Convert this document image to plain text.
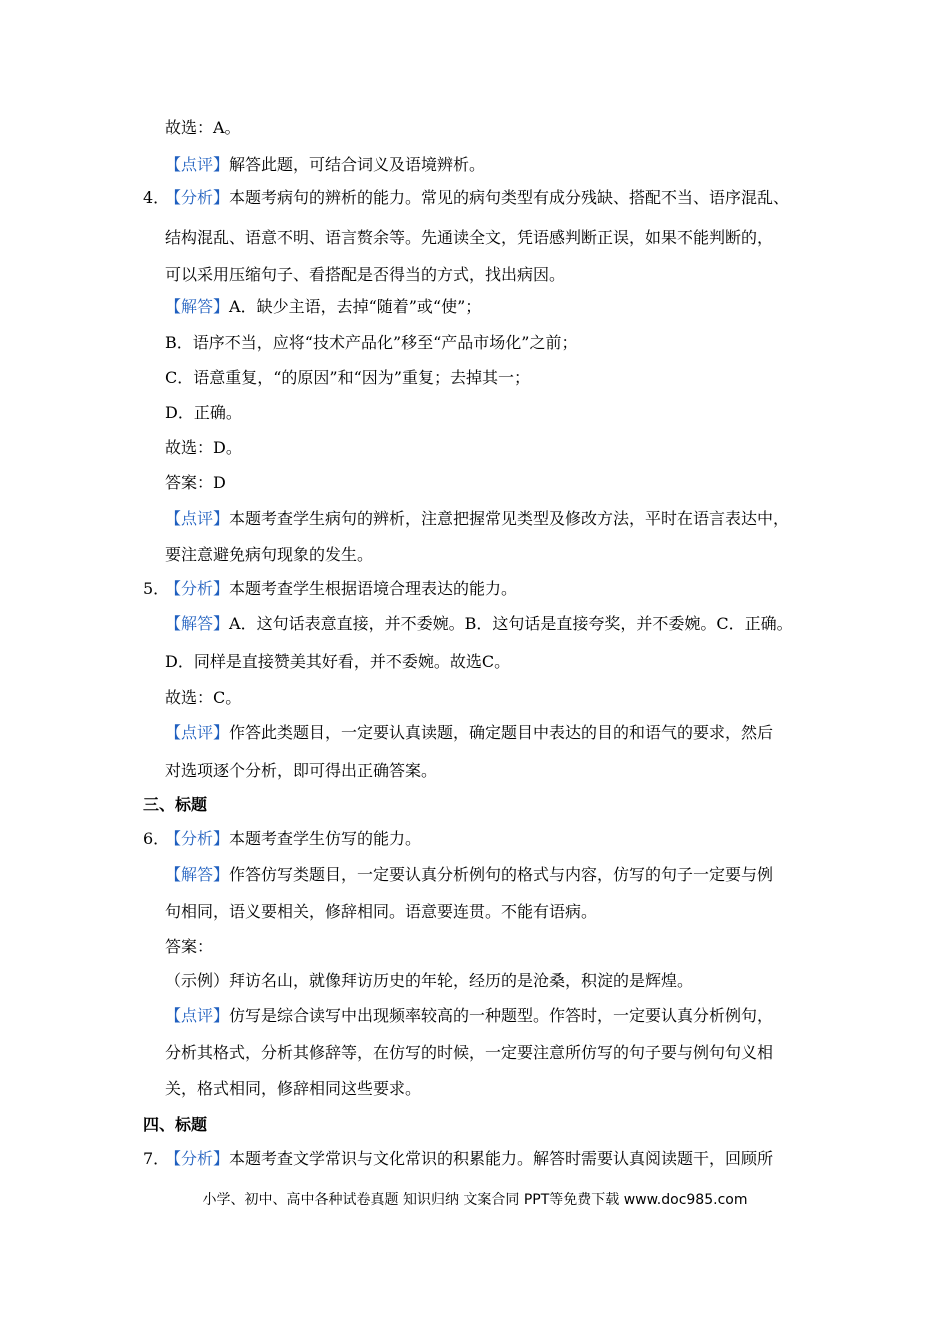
故选：A。
【点评】解答此题，可结合词义及语境辨析。
4．
【分析】本题考病句的辨析的能力。常见的病句类型有成分残缺、搭配不当、语序混乱、
结构混乱、语意不明、语言赘余等。先通读全文，凭语感判断正误，如果不能判断的，
可以采用压缩句子、看搭配是否得当的方式，找出病因。
【解答】A．缺少主语，去掉“随着”或“使”；
B．语序不当，应将“技术产品化”移至“产品市场化”之前；
C．语意重复，“的原因”和“因为”重复；去掉其一；
D．正确。
故选：D。
答案：D
【点评】本题考查学生病句的辨析，注意把握常见类型及修改方法，平时在语言表达中，
要注意避免病句现象的发生。
5．
【分析】本题考查学生根据语境合理表达的能力。
【解答】A．这句话表意直接，并不委婉。B．这句话是直接夸奖，并不委婉。C．正确。
D．同样是直接赞美其好看，并不委婉。故选C。
故选：C。
【点评】作答此类题目，一定要认真读题，确定题目中表达的目的和语气的要求，然后
对选项逐个分析，即可得出正确答案。
三、标题
6．
【分析】本题考查学生仿写的能力。
【解答】作答仿写类题目，一定要认真分析例句的格式与内容，仿写的句子一定要与例
句相同，语义要相关，修辞相同。语意要连贯。不能有语病。
答案：
（示例）拜访名山，就像拜访历史的年轮，经历的是沧桑，积淀的是辉煌。
【点评】仿写是综合读写中出现频率较高的一种题型。作答时，一定要认真分析例句，
分析其格式，分析其修辞等，在仿写的时候，一定要注意所仿写的句子要与例句句义相
关，格式相同，修辞相同这些要求。
四、标题
7．
【分析】本题考查文学常识与文化常识的积累能力。解答时需要认真阅读题干，回顾所
小学、初中、高中各种试卷真题 知识归纳 文案合同 PPT等免费下载 www.doc985.com
